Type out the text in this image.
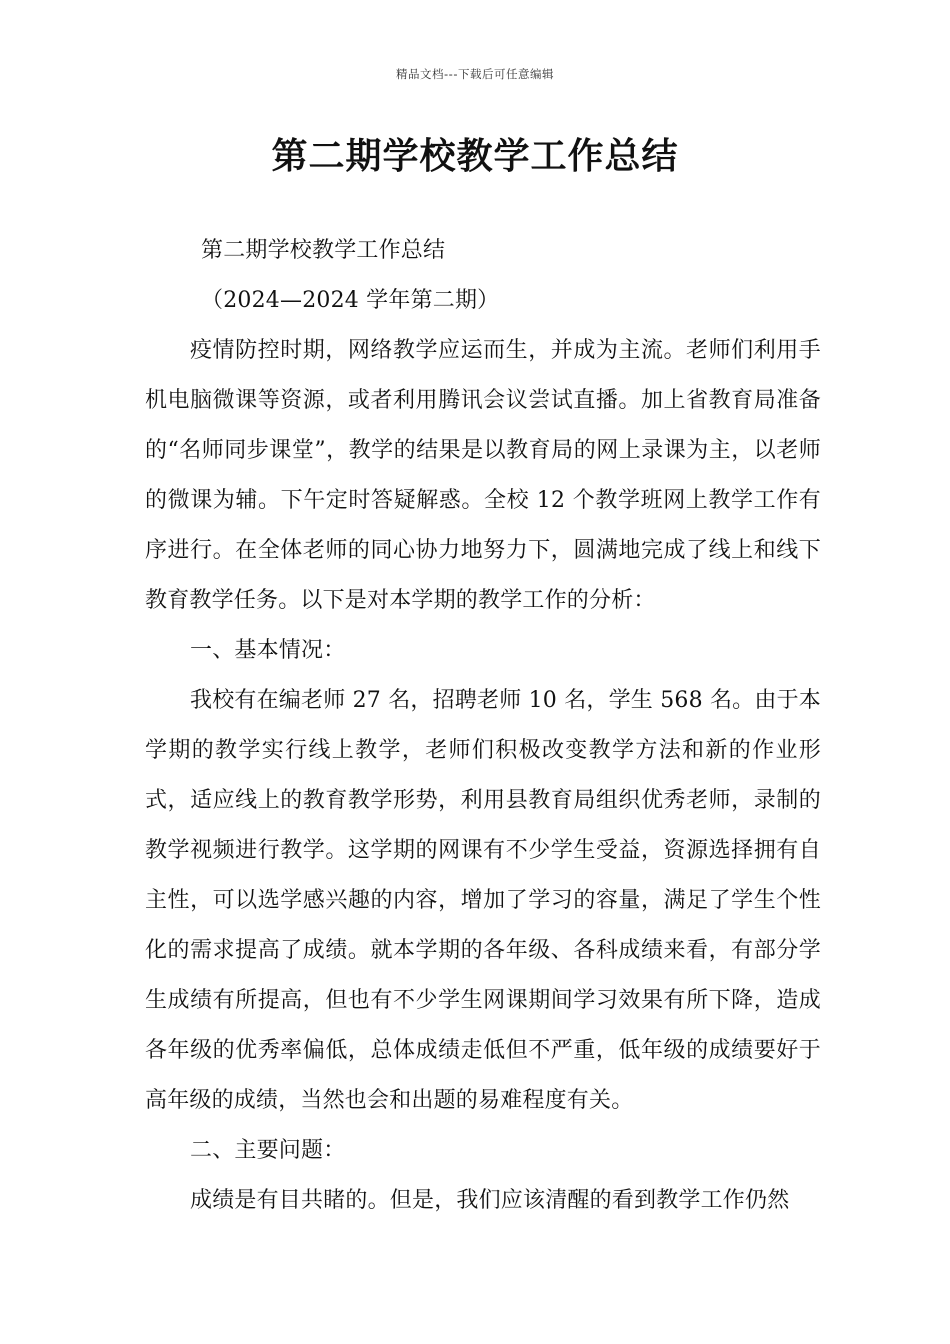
精品文档---下载后可任意编辑
第二期学校教学工作总结

第二期学校教学工作总结

（2024—2024 学年第二期）

疫情防控时期，网络教学应运而生，并成为主流。老师们利用手机电脑微课等资源，或者利用腾讯会议尝试直播。加上省教育局准备的“名师同步课堂”，教学的结果是以教育局的网上录课为主，以老师的微课为辅。下午定时答疑解惑。全校 12 个教学班网上教学工作有序进行。在全体老师的同心协力地努力下，圆满地完成了线上和线下教育教学任务。以下是对本学期的教学工作的分析：

一、基本情况：

我校有在编老师 27 名，招聘老师 10 名，学生 568 名。由于本学期的教学实行线上教学，老师们积极改变教学方法和新的作业形式，适应线上的教育教学形势，利用县教育局组织优秀老师，录制的教学视频进行教学。这学期的网课有不少学生受益，资源选择拥有自主性，可以选学感兴趣的内容，增加了学习的容量，满足了学生个性化的需求提高了成绩。就本学期的各年级、各科成绩来看，有部分学生成绩有所提高，但也有不少学生网课期间学习效果有所下降，造成各年级的优秀率偏低，总体成绩走低但不严重，低年级的成绩要好于高年级的成绩，当然也会和出题的易难程度有关。

二、主要问题：

成绩是有目共睹的。但是，我们应该清醒的看到教学工作仍然
